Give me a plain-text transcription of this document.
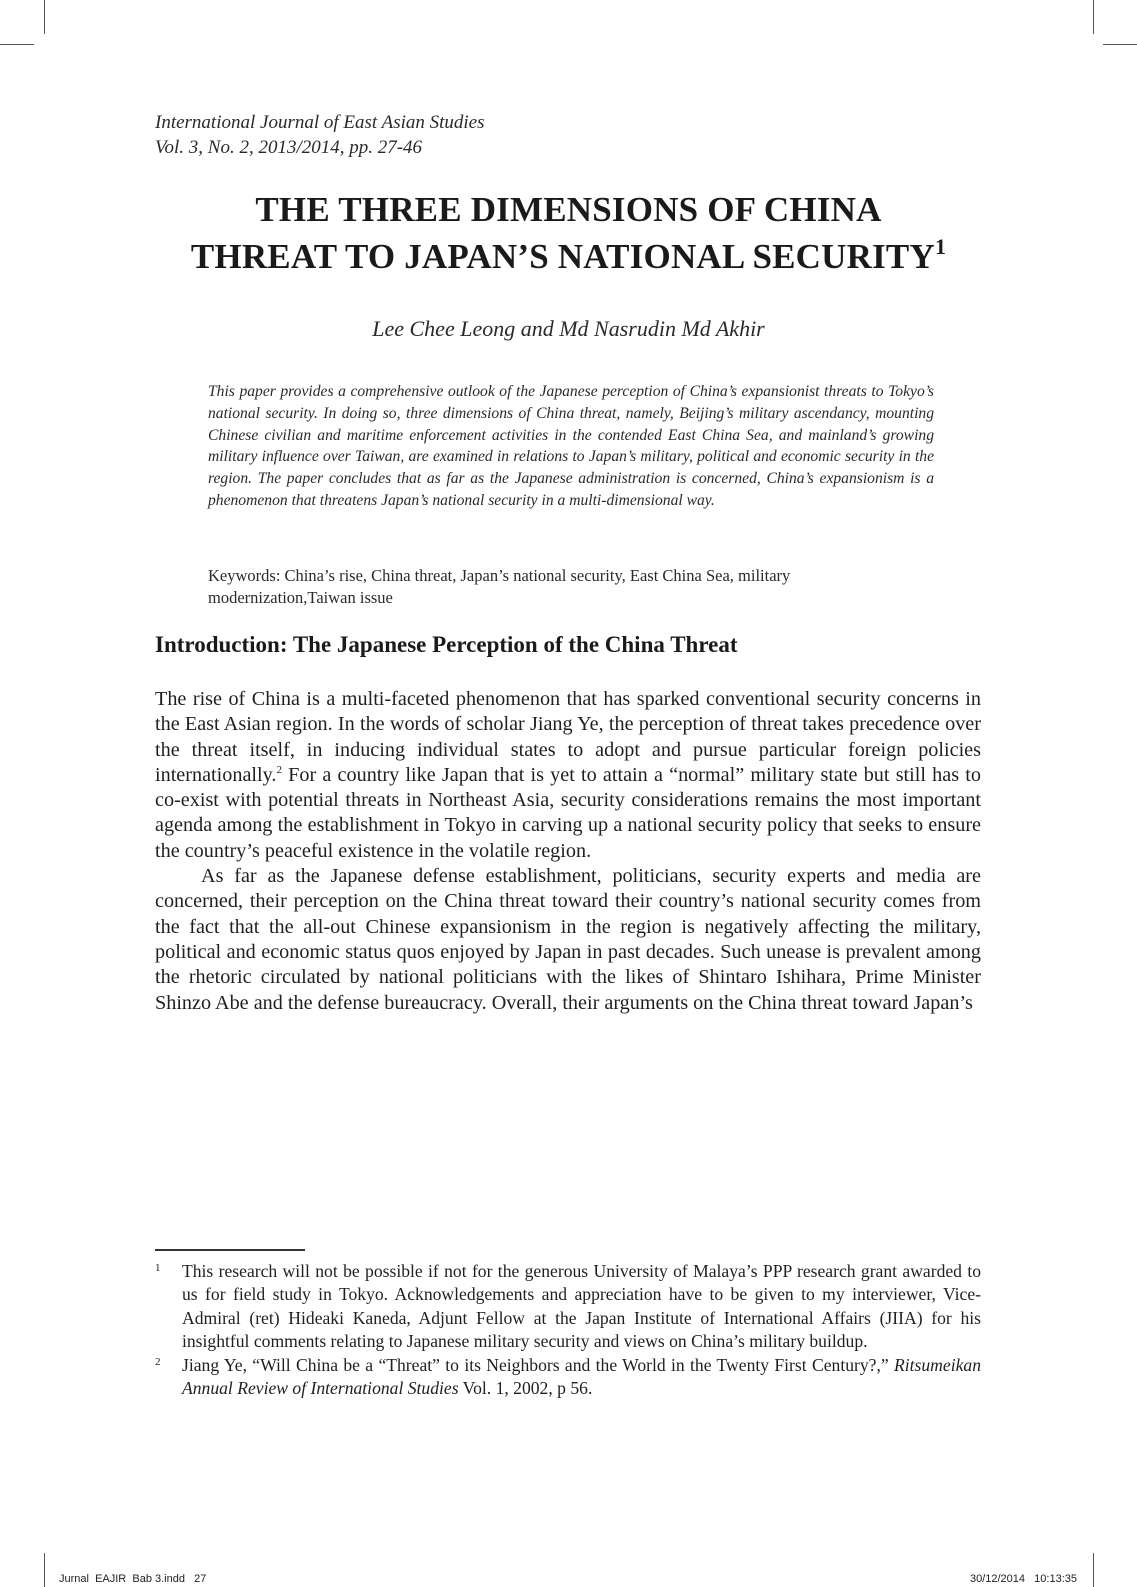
International Journal of East Asian Studies
Vol. 3, No. 2, 2013/2014, pp. 27-46
THE THREE DIMENSIONS OF CHINA
THREAT TO JAPAN’S NATIONAL SECURITY$^1$
Lee Chee Leong and Md Nasrudin Md Akhir
This paper provides a comprehensive outlook of the Japanese perception of China’s expansionist threats to Tokyo’s national security. In doing so, three dimensions of China threat, namely, Beijing’s military ascendancy, mounting Chinese civilian and maritime enforcement activities in the contended East China Sea, and mainland’s growing military influence over Taiwan, are examined in relations to Japan’s military, political and economic security in the region. The paper concludes that as far as the Japanese administration is concerned, China’s expansionism is a phenomenon that threatens Japan’s national security in a multi-dimensional way.
Keywords: China’s rise, China threat, Japan’s national security, East China Sea, military modernization,Taiwan issue
Introduction: The Japanese Perception of the China Threat

The rise of China is a multi-faceted phenomenon that has sparked conventional security concerns in the East Asian region. In the words of scholar Jiang Ye, the perception of threat takes precedence over the threat itself, in inducing individual states to adopt and pursue particular foreign policies internationally.$^2$ For a country like Japan that is yet to attain a “normal” military state but still has to co-exist with potential threats in Northeast Asia, security considerations remains the most important agenda among the establishment in Tokyo in carving up a national security policy that seeks to ensure the country’s peaceful existence in the volatile region.

As far as the Japanese defense establishment, politicians, security experts and media are concerned, their perception on the China threat toward their country’s national security comes from the fact that the all-out Chinese expansionism in the region is negatively affecting the military, political and economic status quos enjoyed by Japan in past decades. Such unease is prevalent among the rhetoric circulated by national politicians with the likes of Shintaro Ishihara, Prime Minister Shinzo Abe and the defense bureaucracy. Overall, their arguments on the China threat toward Japan’s

1 This research will not be possible if not for the generous University of Malaya’s PPP research grant awarded to us for field study in Tokyo. Acknowledgements and appreciation have to be given to my interviewer, Vice-Admiral (ret) Hideaki Kaneda, Adjunt Fellow at the Japan Institute of International Affairs (JIIA) for his insightful comments relating to Japanese military security and views on China’s military buildup.
2 Jiang Ye, “Will China be a “Threat” to its Neighbors and the World in the Twenty First Century?,” Ritsumeikan Annual Review of International Studies Vol. 1, 2002, p 56.
Jurnal  EAJIR  Bab 3.indd   27	30/12/2014   10:13:35
